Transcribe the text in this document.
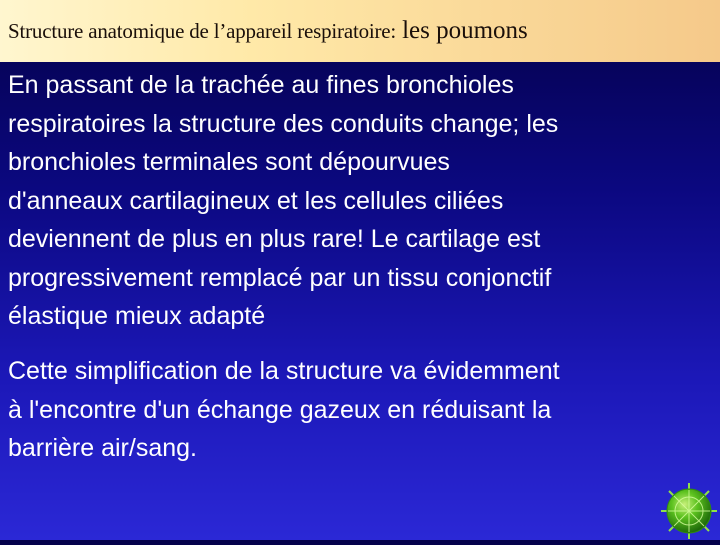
Structure anatomique de l’appareil respiratoire: les poumons
En passant de la trachée au fines bronchioles
respiratoires la structure des conduits change; les
bronchioles terminales sont dépourvues
d'anneaux cartilagineux et les cellules ciliées
deviennent de plus en plus rare! Le cartilage est
progressivement remplacé par un tissu conjonctif
élastique mieux adapté
Cette simplification de la structure va évidemment
à l'encontre d'un échange gazeux en réduisant la
barrière air/sang.
